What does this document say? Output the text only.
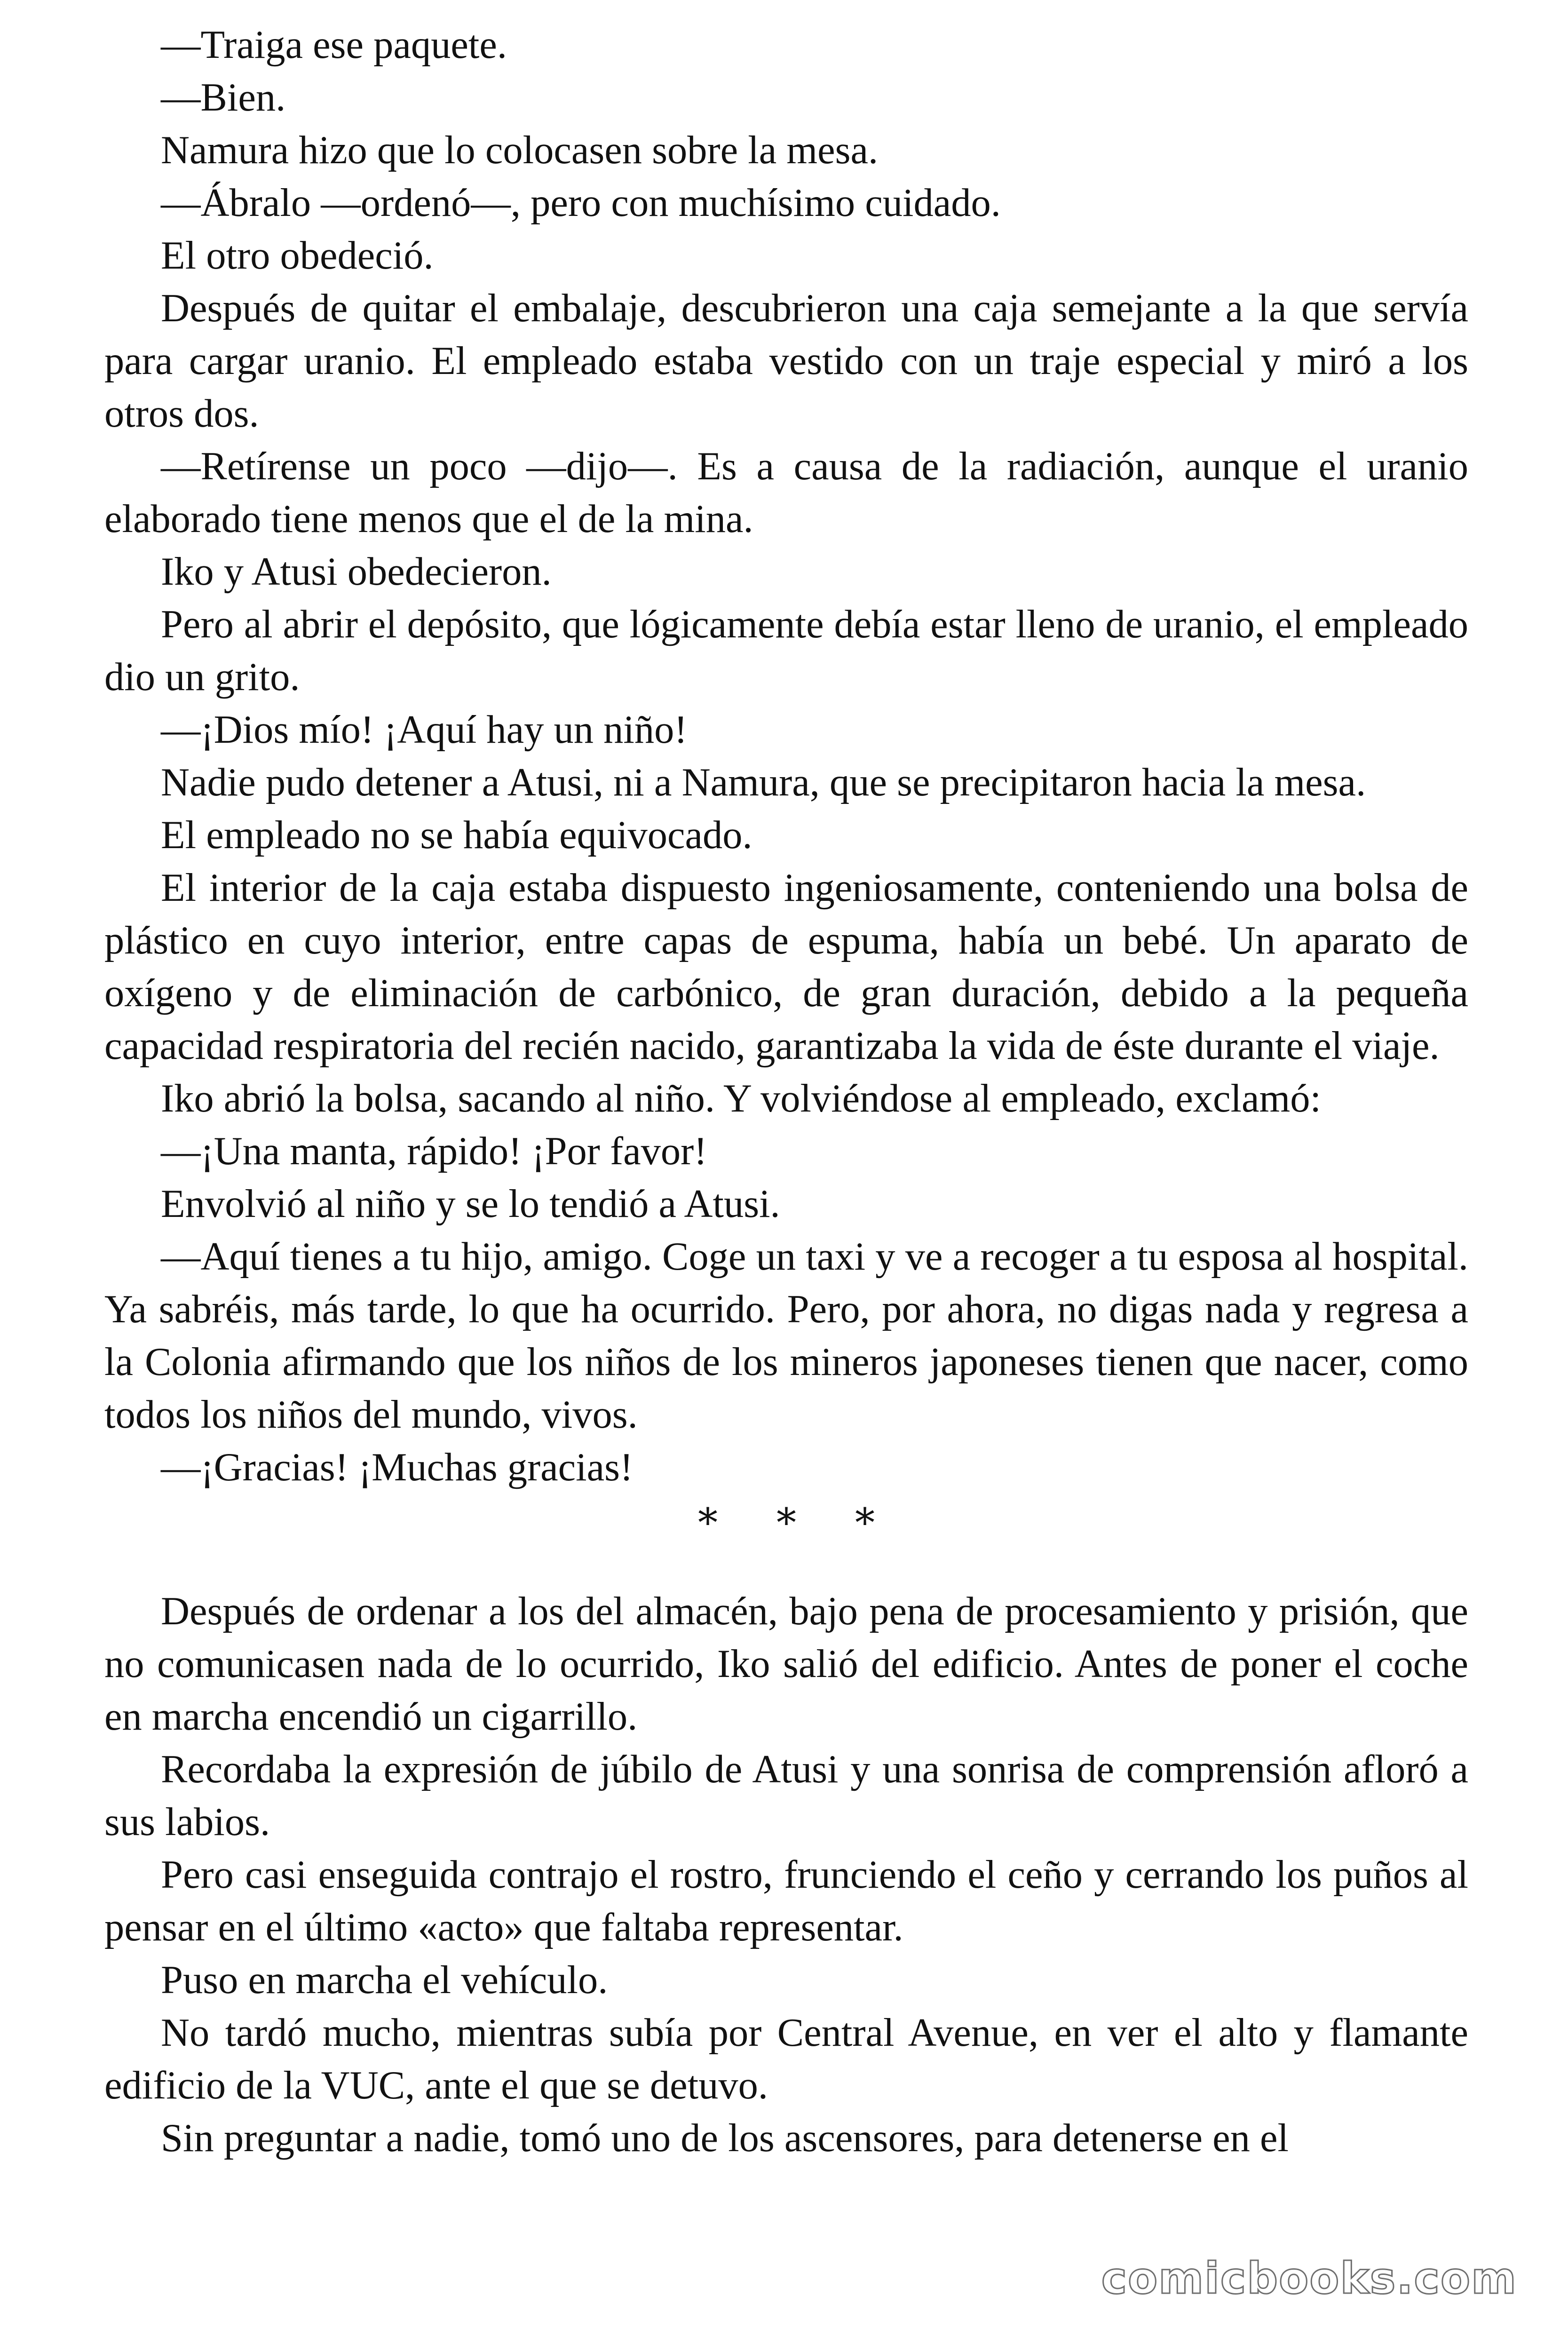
—Traiga ese paquete.

—Bien.

Namura hizo que lo colocasen sobre la mesa.

—Ábralo —ordenó—, pero con muchísimo cuidado.

El otro obedeció.

Después de quitar el embalaje, descubrieron una caja semejante a la que servía para cargar uranio. El empleado estaba vestido con un traje especial y miró a los otros dos.

—Retírense un poco —dijo—. Es a causa de la radiación, aunque el uranio elaborado tiene menos que el de la mina.

Iko y Atusi obedecieron.

Pero al abrir el depósito, que lógicamente debía estar lleno de uranio, el empleado dio un grito.

—¡Dios mío! ¡Aquí hay un niño!

Nadie pudo detener a Atusi, ni a Namura, que se precipitaron hacia la mesa.

El empleado no se había equivocado.

El interior de la caja estaba dispuesto ingeniosamente, conteniendo una bolsa de plástico en cuyo interior, entre capas de espuma, había un bebé. Un aparato de oxígeno y de eliminación de carbónico, de gran duración, debido a la pequeña capacidad respiratoria del recién nacido, garantizaba la vida de éste durante el viaje.

Iko abrió la bolsa, sacando al niño. Y volviéndose al empleado, exclamó:

—¡Una manta, rápido! ¡Por favor!

Envolvió al niño y se lo tendió a Atusi.

—Aquí tienes a tu hijo, amigo. Coge un taxi y ve a recoger a tu esposa al hospital. Ya sabréis, más tarde, lo que ha ocurrido. Pero, por ahora, no digas nada y regresa a la Colonia afirmando que los niños de los mineros japoneses tienen que nacer, como todos los niños del mundo, vivos.

—¡Gracias! ¡Muchas gracias!

* * *

Después de ordenar a los del almacén, bajo pena de procesamiento y prisión, que no comunicasen nada de lo ocurrido, Iko salió del edificio. Antes de poner el coche en marcha encendió un cigarrillo.

Recordaba la expresión de júbilo de Atusi y una sonrisa de comprensión afloró a sus labios.

Pero casi enseguida contrajo el rostro, frunciendo el ceño y cerrando los puños al pensar en el último «acto» que faltaba representar.

Puso en marcha el vehículo.

No tardó mucho, mientras subía por Central Avenue, en ver el alto y flamante edificio de la VUC, ante el que se detuvo.

Sin preguntar a nadie, tomó uno de los ascensores, para detenerse en el

comicbooks.com
